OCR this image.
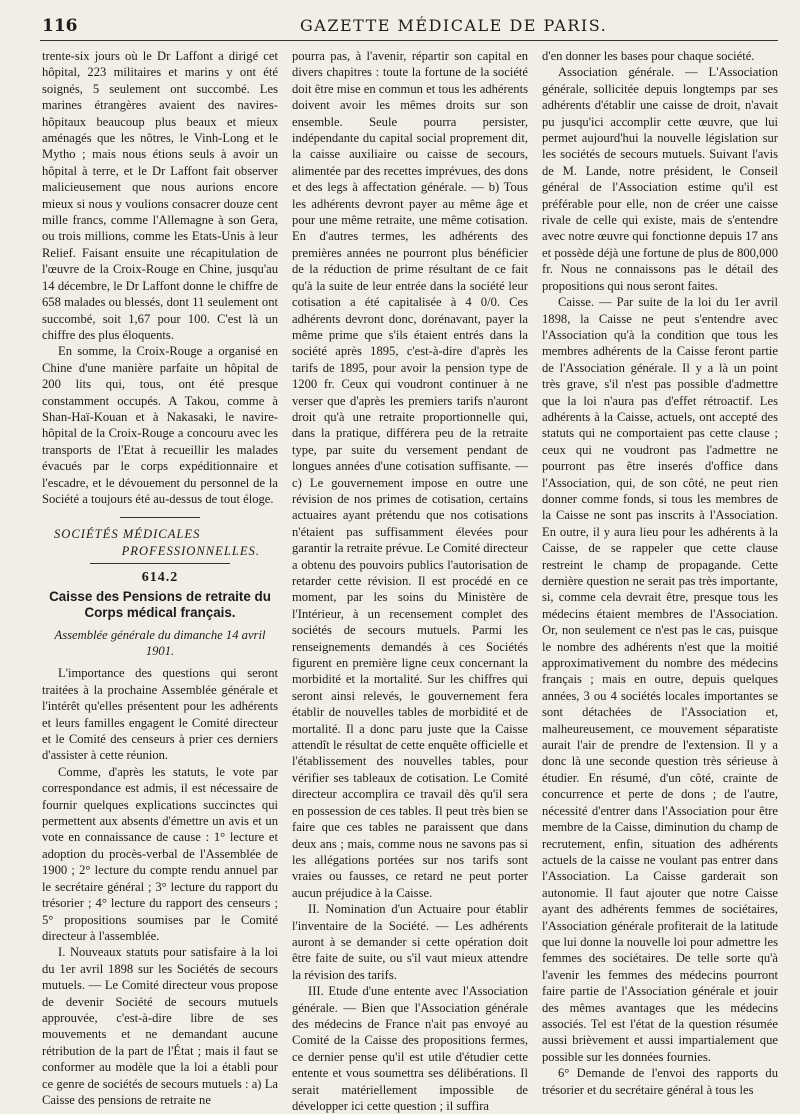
116	GAZETTE MÉDICALE DE PARIS.

trente-six jours où le Dr Laffont a dirigé cet hôpital, 223 militaires et marins y ont été soignés, 5 seulement ont succombé. Les marines étrangères avaient des navires-hôpitaux beaucoup plus beaux et mieux aménagés que les nôtres, le Vinh-Long et le Mytho ; mais nous étions seuls à avoir un hôpital à terre, et le Dr Laffont fait observer malicieusement que nous aurions encore mieux si nous y voulions consacrer douze cent mille francs, comme l'Allemagne à son Gera, ou trois millions, comme les Etats-Unis à leur Relief. Faisant ensuite une récapitulation de l'œuvre de la Croix-Rouge en Chine, jusqu'au 14 décembre, le Dr Laffont donne le chiffre de 658 malades ou blessés, dont 11 seulement ont succombé, soit 1,67 pour 100. C'est là un chiffre des plus éloquents.

En somme, la Croix-Rouge a organisé en Chine d'une manière parfaite un hôpital de 200 lits qui, tous, ont été presque constamment occupés. A Takou, comme à Shan-Haï-Kouan et à Nakasaki, le navire-hôpital de la Croix-Rouge a concouru avec les transports de l'Etat à recueillir les malades évacués par le corps expéditionnaire et l'escadre, et le dévouement du personnel de la Société a toujours été au-dessus de tout éloge.

SOCIÉTÉS MÉDICALES
PROFESSIONNELLES.
614.2
Caisse des Pensions de retraite du Corps médical français.
Assemblée générale du dimanche 14 avril 1901.

L'importance des questions qui seront traitées à la prochaine Assemblée générale et l'intérêt qu'elles présentent pour les adhérents et leurs familles engagent le Comité directeur et le Comité des censeurs à prier ces derniers d'assister à cette réunion.

Comme, d'après les statuts, le vote par correspondance est admis, il est nécessaire de fournir quelques explications succinctes qui permettent aux absents d'émettre un avis et un vote en connaissance de cause : 1° lecture et adoption du procès-verbal de l'Assemblée de 1900 ; 2° lecture du compte rendu annuel par le secrétaire général ; 3° lecture du rapport du trésorier ; 4° lecture du rapport des censeurs ; 5° propositions soumises par le Comité directeur à l'assemblée.

I. Nouveaux statuts pour satisfaire à la loi du 1er avril 1898 sur les Sociétés de secours mutuels. — Le Comité directeur vous propose de devenir Société de secours mutuels approuvée, c'est-à-dire libre de ses mouvements et ne demandant aucune rétribution de la part de l'État ; mais il faut se conformer au modèle que la loi a établi pour ce genre de sociétés de secours mutuels : a) La Caisse des pensions de retraite ne

pourra pas, à l'avenir, répartir son capital en divers chapitres : toute la fortune de la société doit être mise en commun et tous les adhérents doivent avoir les mêmes droits sur son ensemble. Seule pourra persister, indépendante du capital social proprement dit, la caisse auxiliaire ou caisse de secours, alimentée par des recettes imprévues, des dons et des legs à affectation générale. — b) Tous les adhérents devront payer au même âge et pour une même retraite, une même cotisation. En d'autres termes, les adhérents des premières années ne pourront plus bénéficier de la réduction de prime résultant de ce fait qu'à la suite de leur entrée dans la société leur cotisation a été capitalisée à 4 0/0. Ces adhérents devront donc, dorénavant, payer la même prime que s'ils étaient entrés dans la société après 1895, c'est-à-dire d'après les tarifs de 1895, pour avoir la pension type de 1200 fr. Ceux qui voudront continuer à ne verser que d'après les premiers tarifs n'auront droit qu'à une retraite proportionnelle qui, dans la pratique, différera peu de la retraite type, par suite du versement pendant de longues années d'une cotisation suffisante. — c) Le gouvernement impose en outre une révision de nos primes de cotisation, certains actuaires ayant prétendu que nos cotisations n'étaient pas suffisamment élevées pour garantir la retraite prévue. Le Comité directeur a obtenu des pouvoirs publics l'autorisation de retarder cette révision. Il est procédé en ce moment, par les soins du Ministère de l'Intérieur, à un recensement complet des sociétés de secours mutuels. Parmi les renseignements demandés à ces Sociétés figurent en première ligne ceux concernant la morbidité et la mortalité. Sur les chiffres qui seront ainsi relevés, le gouvernement fera établir de nouvelles tables de morbidité et de mortalité. Il a donc paru juste que la Caisse attendît le résultat de cette enquête officielle et l'établissement des nouvelles tables, pour vérifier ses tableaux de cotisation. Le Comité directeur accomplira ce travail dès qu'il sera en possession de ces tables. Il peut très bien se faire que ces tables ne paraissent que dans deux ans ; mais, comme nous ne savons pas si les allégations portées sur nos tarifs sont vraies ou fausses, ce retard ne peut porter aucun préjudice à la Caisse.

II. Nomination d'un Actuaire pour établir l'inventaire de la Société. — Les adhérents auront à se demander si cette opération doit être faite de suite, ou s'il vaut mieux attendre la révision des tarifs.

III. Etude d'une entente avec l'Association générale. — Bien que l'Association générale des médecins de France n'ait pas envoyé au Comité de la Caisse des propositions fermes, ce dernier pense qu'il est utile d'étudier cette entente et vous soumettra ses délibérations. Il serait matériellement impossible de développer ici cette question ; il suffira

d'en donner les bases pour chaque société.

Association générale. — L'Association générale, sollicitée depuis longtemps par ses adhérents d'établir une caisse de droit, n'avait pu jusqu'ici accomplir cette œuvre, que lui permet aujourd'hui la nouvelle législation sur les sociétés de secours mutuels. Suivant l'avis de M. Lande, notre président, le Conseil général de l'Association estime qu'il est préférable pour elle, non de créer une caisse rivale de celle qui existe, mais de s'entendre avec notre œuvre qui fonctionne depuis 17 ans et possède déjà une fortune de plus de 800,000 fr. Nous ne connaissons pas le détail des propositions qui nous seront faites.

Caisse. — Par suite de la loi du 1er avril 1898, la Caisse ne peut s'entendre avec l'Association qu'à la condition que tous les membres adhérents de la Caisse feront partie de l'Association générale. Il y a là un point très grave, s'il n'est pas possible d'admettre que la loi n'aura pas d'effet rétroactif. Les adhérents à la Caisse, actuels, ont accepté des statuts qui ne comportaient pas cette clause ; ceux qui ne voudront pas l'admettre ne pourront pas être inserés d'office dans l'Association, qui, de son côté, ne peut rien donner comme fonds, si tous les membres de la Caisse ne sont pas inscrits à l'Association. En outre, il y aura lieu pour les adhérents à la Caisse, de se rappeler que cette clause restreint le champ de propagande. Cette dernière question ne serait pas très importante, si, comme cela devrait être, presque tous les médecins étaient membres de l'Association. Or, non seulement ce n'est pas le cas, puisque le nombre des adhérents n'est que la moitié approximativement du nombre des médecins français ; mais en outre, depuis quelques années, 3 ou 4 sociétés locales importantes se sont détachées de l'Association et, malheureusement, ce mouvement séparatiste aurait l'air de prendre de l'extension. Il y a donc là une seconde question très sérieuse à étudier. En résumé, d'un côté, crainte de concurrence et perte de dons ; de l'autre, nécessité d'entrer dans l'Association pour être membre de la Caisse, diminution du champ de recrutement, enfin, situation des adhérents actuels de la caisse ne voulant pas entrer dans l'Association. La Caisse garderait son autonomie. Il faut ajouter que notre Caisse ayant des adhérents femmes de sociétaires, l'Association générale profiterait de la latitude que lui donne la nouvelle loi pour admettre les femmes des sociétaires. De telle sorte qu'à l'avenir les femmes des médecins pourront faire partie de l'Association générale et jouir des mêmes avantages que les médecins associés. Tel est l'état de la question résumée aussi brièvement et aussi impartialement que possible sur les données fournies.

6° Demande de l'envoi des rapports du trésorier et du secrétaire général à tous les
